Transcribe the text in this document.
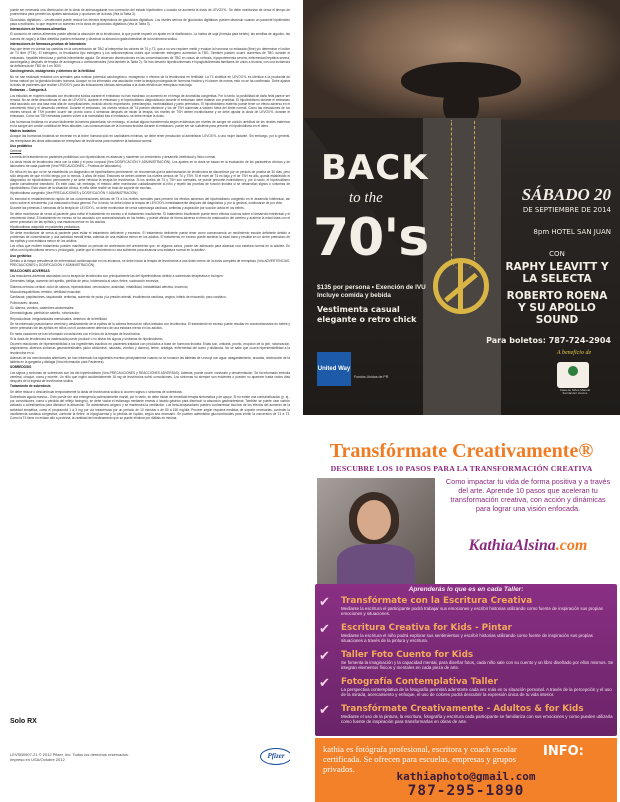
puede ser necesaria una disminución de la dosis de antecoagulante con corrección del estado hipotiroideo o cuando se aumenta la dosis de LEVOXYL. Se debe monitorizar de cerca el tiempo de protrombina para permitir los ajustes adecuados y oportunos de la dosis (Vea la Tabla 3).

Glucósidos digitálicos – Levotiroxina puede reducir los efectos terapéuticos de glucósidos digitálicos. Los niveles séricos de glucósidos digitálicos pueden disminuir cuando un paciente hipotiroideo pasa a eutiroideo, lo que requiere un aumento en la dosis de glucósidos digitálicos (Vea la Tabla 3).

Interacciones de fármacos-alimentos

El consumo de ciertos alimentos puede afectar la absorción de la levotiroxina, lo que puede requerir un ajuste en la dosificación. La harina de soja (fórmula para bebés), las semillas de algodón, las nueces de nogal y la fibra dietética pueden enlazarse y disminuir la absorción gastrointestinal de la levotiroxina sódica.

Interacciones de fármacos-pruebas de laboratorio

Hay que tener en cuenta los cambios en la concentración de TBG al interpretar los valores de T4 y T3, que a su vez requiere medir y evaluar la hormona no enlazada (libre) y/o determinar el índice de T4 libre (FT4I). El estrógeno, la fenotiazina tipo estrógeno y los anticonceptivos orales que contienen estrógeno aumentan la TBG. También pueden ocurrir aumentos de TBG durante el embarazo, hepatitis infecciosa y porfiria intermitente aguda. Se observan disminuciones en las concentraciones de TBG en casos de nefrosis, hipoproteinemia severa, enfermedad hepática severa, acromegalia y después de terapia de andrógenos o corticosteroides (Vea también la Tabla 2). Se han descrito hipertiroxinemias e hipoglobulinemias familiares de unión a tiroxina, con una incidencia de deficiencia de TBG de 1 en 9000.

Carcinogénesis, mutagénesis y deterioro de la fertilidad

No se han realizado estudios con animales para evaluar potencial carcinogénico, mutagénico o efectos de la levotiroxina en fertilidad. La T4 sintética en LEVOXYL es idéntica a la producida de forma natural por la glándula tiroides humana. Aunque no ha informado una asociación entre la terapia prolongada de hormona tiroidea y el cáncer de mama, esto no se ha confirmado. Debe ajustar la dosis de pacientes que reciben LEVOXYL para las indicaciones clínicas adecuadas a la dosis efectiva de reemplazo más baja.

Embarazo – Categoría A

Los estudios en mujeres tratadas con levotiroxina sódica durante el embarazo no han mostrado un aumento en el riesgo de anomalías congénitas. Por lo tanto, la posibilidad de daño fetal parece ser remota. No se debe descontinuar el uso de LEVOXYL durante el embarazo y el hipotiroidismo diagnosticado durante el embarazo debe tratarse con prontitud. El hipotiroidismo durante el embarazo está asociado con una tasa más alta de complicaciones, incluido aborto espontáneo, preeclampsia, mortinatalidad y parto prematuro. El hipotiroidismo materno puede tener un efecto adverso en el crecimiento fetal y el desarrollo cerebral. Durante el embarazo, los niveles séricos de T4 pueden disminuir y los de TSH aumentar a valores fuera del límite normal. Como las elevaciones de los niveles séricos de TSH pueden ocurrir tan pronto como 4 semanas después de iniciar la terapia, los niveles de TSH deben monitorizarse y se debe ajustar la dosis de LEVOXYL durante el embarazo. Como las TSH elevadas pueden volver a la normalidad tras el embarazo, se debe revisar la dosis.

Las hormonas tiroideas no cruzan fácilmente la barrera placentaria; sin embargo, el actual alguno transferencia según evidencias por niveles de sangre de cordón umbilical de los niveles maternos en la sangre del cordón umbilical de fetos atiroides. Las consecuencias de la hormona tiroidea durante el embarazo, puede ser sin suficiente para prevenir el hipotiroidismo en el útero.

Madres lactantes

Aunque las hormonas tiroideas se excretan en la leche humana sólo en cantidades mínimas, se debe tener precaución al administrar LEVOXYL a una mujer lactante. Sin embargo, por lo general, las reemplazar las dosis adecuadas de reemplazo de levotiroxina para mantener la lactancia normal.

Uso pediátrico

General

La meta del tratamiento en pacientes pediátricos con hipotiroidismo es alcanzar y mantener un crecimiento y desarrollo intelectual y físico normal.

La dosis inicial de levotiroxina varía con la edad y el peso corporal (Vea DOSIFICACIÓN Y ADMINISTRACIÓN). Los ajustes en la dosis se basan en la evaluación de los parámetros clínicos y de laboratorio de cada paciente (Vea PRECAUCIONES – Pruebas de laboratorio).

En niños en los que no se ha establecido un diagnóstico de hipotiroidismo permanente, se recomienda que la administración de levotiroxina se discontinúe por un periodo de prueba de 30 días, pero sólo después de que el niño tenga, por lo menos, 3 años de edad. Entonces se deben obtener los niveles séricos de T4 y TSH. Si el nivel de T4 es bajo y el de TSH es alto, queda establecido el diagnóstico de hipotiroidismo permanente y se debe reiniciar la terapia de levotiroxina. Si los niveles de T4 y TSH son normales, se puede presumir eutiroidismo y, por lo tanto, el hipotiroidismo puede considerarse transitorio. En este caso, sin embargo, el médico debe monitorizar cuidadosamente al niño y repetir las pruebas de función tiroidea si se desarrollan signos o síntomas de hipotiroidismo. Esta visión de la situación clínica, el niño debe recibir un trato de soporte de muchas.

Hipotiroidismo congénito (Vea PRECAUCIONES y DOSIFICACIÓN Y ADMINISTRACIÓN)

Es esencial el restablecimiento rápido de las concentraciones séricas de T4 a los niveles normales para prevenir los efectos adversos del hipotiroidismo congénito en el desarrollo intelectual, así como sobre el crecimiento y la maduración física general. Por lo tanto, se debe iniciar la terapia de LEVOXYL inmediatamente después del diagnóstico y, por lo general, continuarse de por vida.

Durante las primeras 2 semanas de la terapia de LEVOXYL, se debe monitorizar de cerca sobrecarga cardíaca, arritmias y aspiración por succión ávida en los bebés.

Se debe monitorizar de cerca al paciente para evitar el tratamiento en exceso o el tratamiento insuficiente. El tratamiento insuficiente puede tener efectos nocivos sobre el desarrollo intelectual y el crecimiento lineal. El tratamiento en exceso se ha asociado con craneosinostosis en los bebés, y puede afectar de forma adversa el ritmo de maduración del cerebro y acelerar la edad ósea con el cierre prematuro de las epífisis y una estatura menor en los adultos.

Hipotiroidismo adquirido en pacientes pediátricos

Se debe monitorizar de cerca al paciente para evitar el tratamiento deficiente y excesivo. El tratamiento deficiente puede tener como consecuencia un rendimiento escolar deficiente debido a problemas de concentración y una actividad mental lenta, además de una estatura menor en los adultos. El tratamiento en exceso puede acelerar la edad ósea y resultar en un cierre prematuro de las epífisis y una estatura menor en los adultos.

Los niños que reciben tratamiento pueden manifestar un periodo de aceleración del crecimiento que, en algunos casos, puede ser adecuado para alcanzar una estatura normal en la adultez. En niños con hipotiroidismo severo o prolongado, puede que el crecimiento no sea suficiente para alcanzar una estatura normal en la adultez.

Uso geriátrico

Debido a la mayor prevalencia de enfermedad cardiovascular en los ancianos, se debe iniciar la terapia de levotiroxina a una dosis menor de la dosis completa de reemplazo (Vea ADVERTENCIAS, PRECAUCIONES y DOSIFICACIÓN Y ADMINISTRACIÓN).

REACCIONES ADVERSAS

Las reacciones adversas asociadas con la terapia de levotiroxina son principalmente las del hipertiroidismo debido a sobredosis terapéutica e incluyen:

Generales: fatiga, aumento del apetito, pérdida de peso, intolerancia al calor, fiebre, sudoración excesiva;

Sistema nervioso central: dolor de cabeza, hiperactividad, nerviosismo, ansiedad, irritabilidad, inestabilidad afectiva, insomnio;

Musculoesqueléticas: temblor, debilidad muscular;

Cardiacas: palpitaciones, taquicardia, arritmias, aumento de pulso y la presión arterial, insuficiencia cardíaca, angina, infarto de miocardio, paro cardíaco;

Pulmonares: disnea;

GI: diarrea, vómitos, calambres abdominales;

Dermatológicas: pérdida de cabello, ruborización;

Reproductivas: irregularidades menstruales, deterioro de la fertilidad.

Se ha informado pseudotumor cerebral y deslizamiento de la epífisis de la cabeza femoral en niños tratados con levotiroxina. El tratamiento en exceso puede resultar en craneosinostosis en bebés y cierre prematuro de las epífisis en niños con el consecuente deterioro de una estatura menor en los adultos.

En raras ocasiones se han informado convulsiones con el inicio de la terapia de levotiroxina.

Si la dosis de levotiroxina es inadecuada puede producir o no aliviar los signos y síntomas de hipotiroidismo.

Ocurren reacciones de hipersensibilidad a los ingredientes inactivos en pacientes tratados con productos a base de hormona tiroidea. Estas son, urticaria, prurito, erupción de la piel, ruborización, angioedema, diversos síntomas gastrointestinales (dolor abdominal, náuseas, vómitos y diarrea), fiebre, artralgia, enfermedad del suero y sibilancia. No se sabe que ocurra hipersensibilidad a la levotiroxina en sí.

Además de los mencionados anteriores, se han informado los siguientes eventos principalmente cuando no se tomaron las tabletas de Levoxyl con agua: atragantamiento, arcadas, obstrucción de la tableta en la garganta y disfagia (Vea Información para Pacientes).

SOBREDOSIS

Los signos y síntomas de sobredosis son los del hipertiroidismo (Vea PRECAUCIONES y REACCIONES ADVERSAS). Además, puede ocurrir confusión y desorientación. Se ha informado embolia cerebral, choque, coma y muerte. Un niño que ingirió accidentalmente 18 mg de levotiroxina sufrió convulsiones. Los síntomas no siempre son evidentes o pueden no aparecer hasta varios días después de la ingesta de levotiroxina sódica.

Tratamiento de sobredosis

Se debe reducir o descontinuar temporalmente la dosis de levotiroxina sódica si ocurren signos o síntomas de sobredosis.

Sobredosis aguda masiva – Esto puede ser una emergencia potencialmente mortal, por lo tanto, se debe iniciar de inmediato terapia sintomática y de apoyo. Si no existe una contraindicación (p. ej., por convulsiones, coma o pérdida del reflejo faríngeo), se debe vaciar el estómago mediante emesis o lavado gástrico para disminuir la absorción gastrointestinal. También se puede usar carbón activado o colestiramina para disminuir la absorción. Se administrará oxígeno y se mantendrá la ventilación. Los beta-bloqueadores pueden contrarrestar muchos de los efectos del aumento de la actividad simpática, como el propranolol 1 a 3 mg por vía intravenosa por un periodo de 10 minutos o de 80 a 160 mg/día. Proveer según requiera medidas de soporte necesarias, controlar la insuficiencia cardiaca congestiva, controlar la fiebre, la hipoglucemia y la pérdida de líquido, según sea necesario. Se pueden administrar glucocorticoides para inhibir la conversión de T4 a T3. Como la T4 tiene un enlace alto a proteína, la cantidad del medicamento que se puede eliminar por diálisis es mínima.

Solo RX
LEVSB0907-21 © 2012 Pfizer, Inc. Todos los derechos reservados.
Impreso en USA/Octubre 2012	Pfizer
BACK
to the
70's
$135 por persona • Exención de IVU Incluye comida y bebida
Vestimenta casual elegante o retro chick
United Way
Fondos Unidos de PR
SÁBADO 20
DE SEPTIEMBRE DE 2014
8pm HOTEL SAN JUAN
CON
RAPHY LEAVITT Y LA SELECTA
ROBERTO ROENA Y SU APOLLO SOUND
Para boletos: 787-724-2904
A beneficio de
Casa de Niños Manuel Fernández Juncos
Transfórmate Creativamente®
DESCUBRE LOS 10 PASOS PARA LA TRANSFORMACIÓN CREATIVA
Como impactar tu vida de forma positiva y a través del arte. Aprende 10 pasos que aceleran tu transformación creativa, con acción y dinámicas para lograr una visión enfocada.
KathiaAlsina.com
Aprenderás lo que es en cada Taller:
✔ Transfórmate con la Escritura Creativa
Mediante la escritura el participante podrá trabajar sus emociones y escribir historias utilizando como fuente de inspiración sus propias emociones y situaciones.
✔ Escritura Creativa for Kids - Pintar
Mediante la escritura el niño podrá explorar sus sentimientos y escribir historias utilizando como fuente de inspiración sus propias situaciones a través de la pintura y escritura.
✔ Taller Foto Cuento for Kids
Se fomenta la imaginación y la capacidad mental, para diseñar fotos, cada niño sale con su cuento y un libro diseñado por ellos mismos. Se integran elementos físicos y mentales en cada pieza de arte.
✔ Fotografía Contemplativa Taller
La perspectiva contemplativa de la fotografía permitirá adentrarte cada vez más en tu situación personal. A través de la percepción y el uso de la mirada, acercamiento y enfoque, el uso de colores podrá descubrir la expresión única de tu vida interior.
✔ Transfórmate Creativamente - Adultos & for Kids
Mediante el uso de la pintura, la escritura, fotografía y escritura cada participante se familiariza con sus emociones y como pueden utilizarla como fuente de inspiración para transformarlas en obras de arte.
kathia es fotógrafa profesional, escritora y coach escolar certificada. Se ofrecen para escuelas, empresas y grupos privados.
INFO:
kathiaphoto@gmail.com
787-295-1890
